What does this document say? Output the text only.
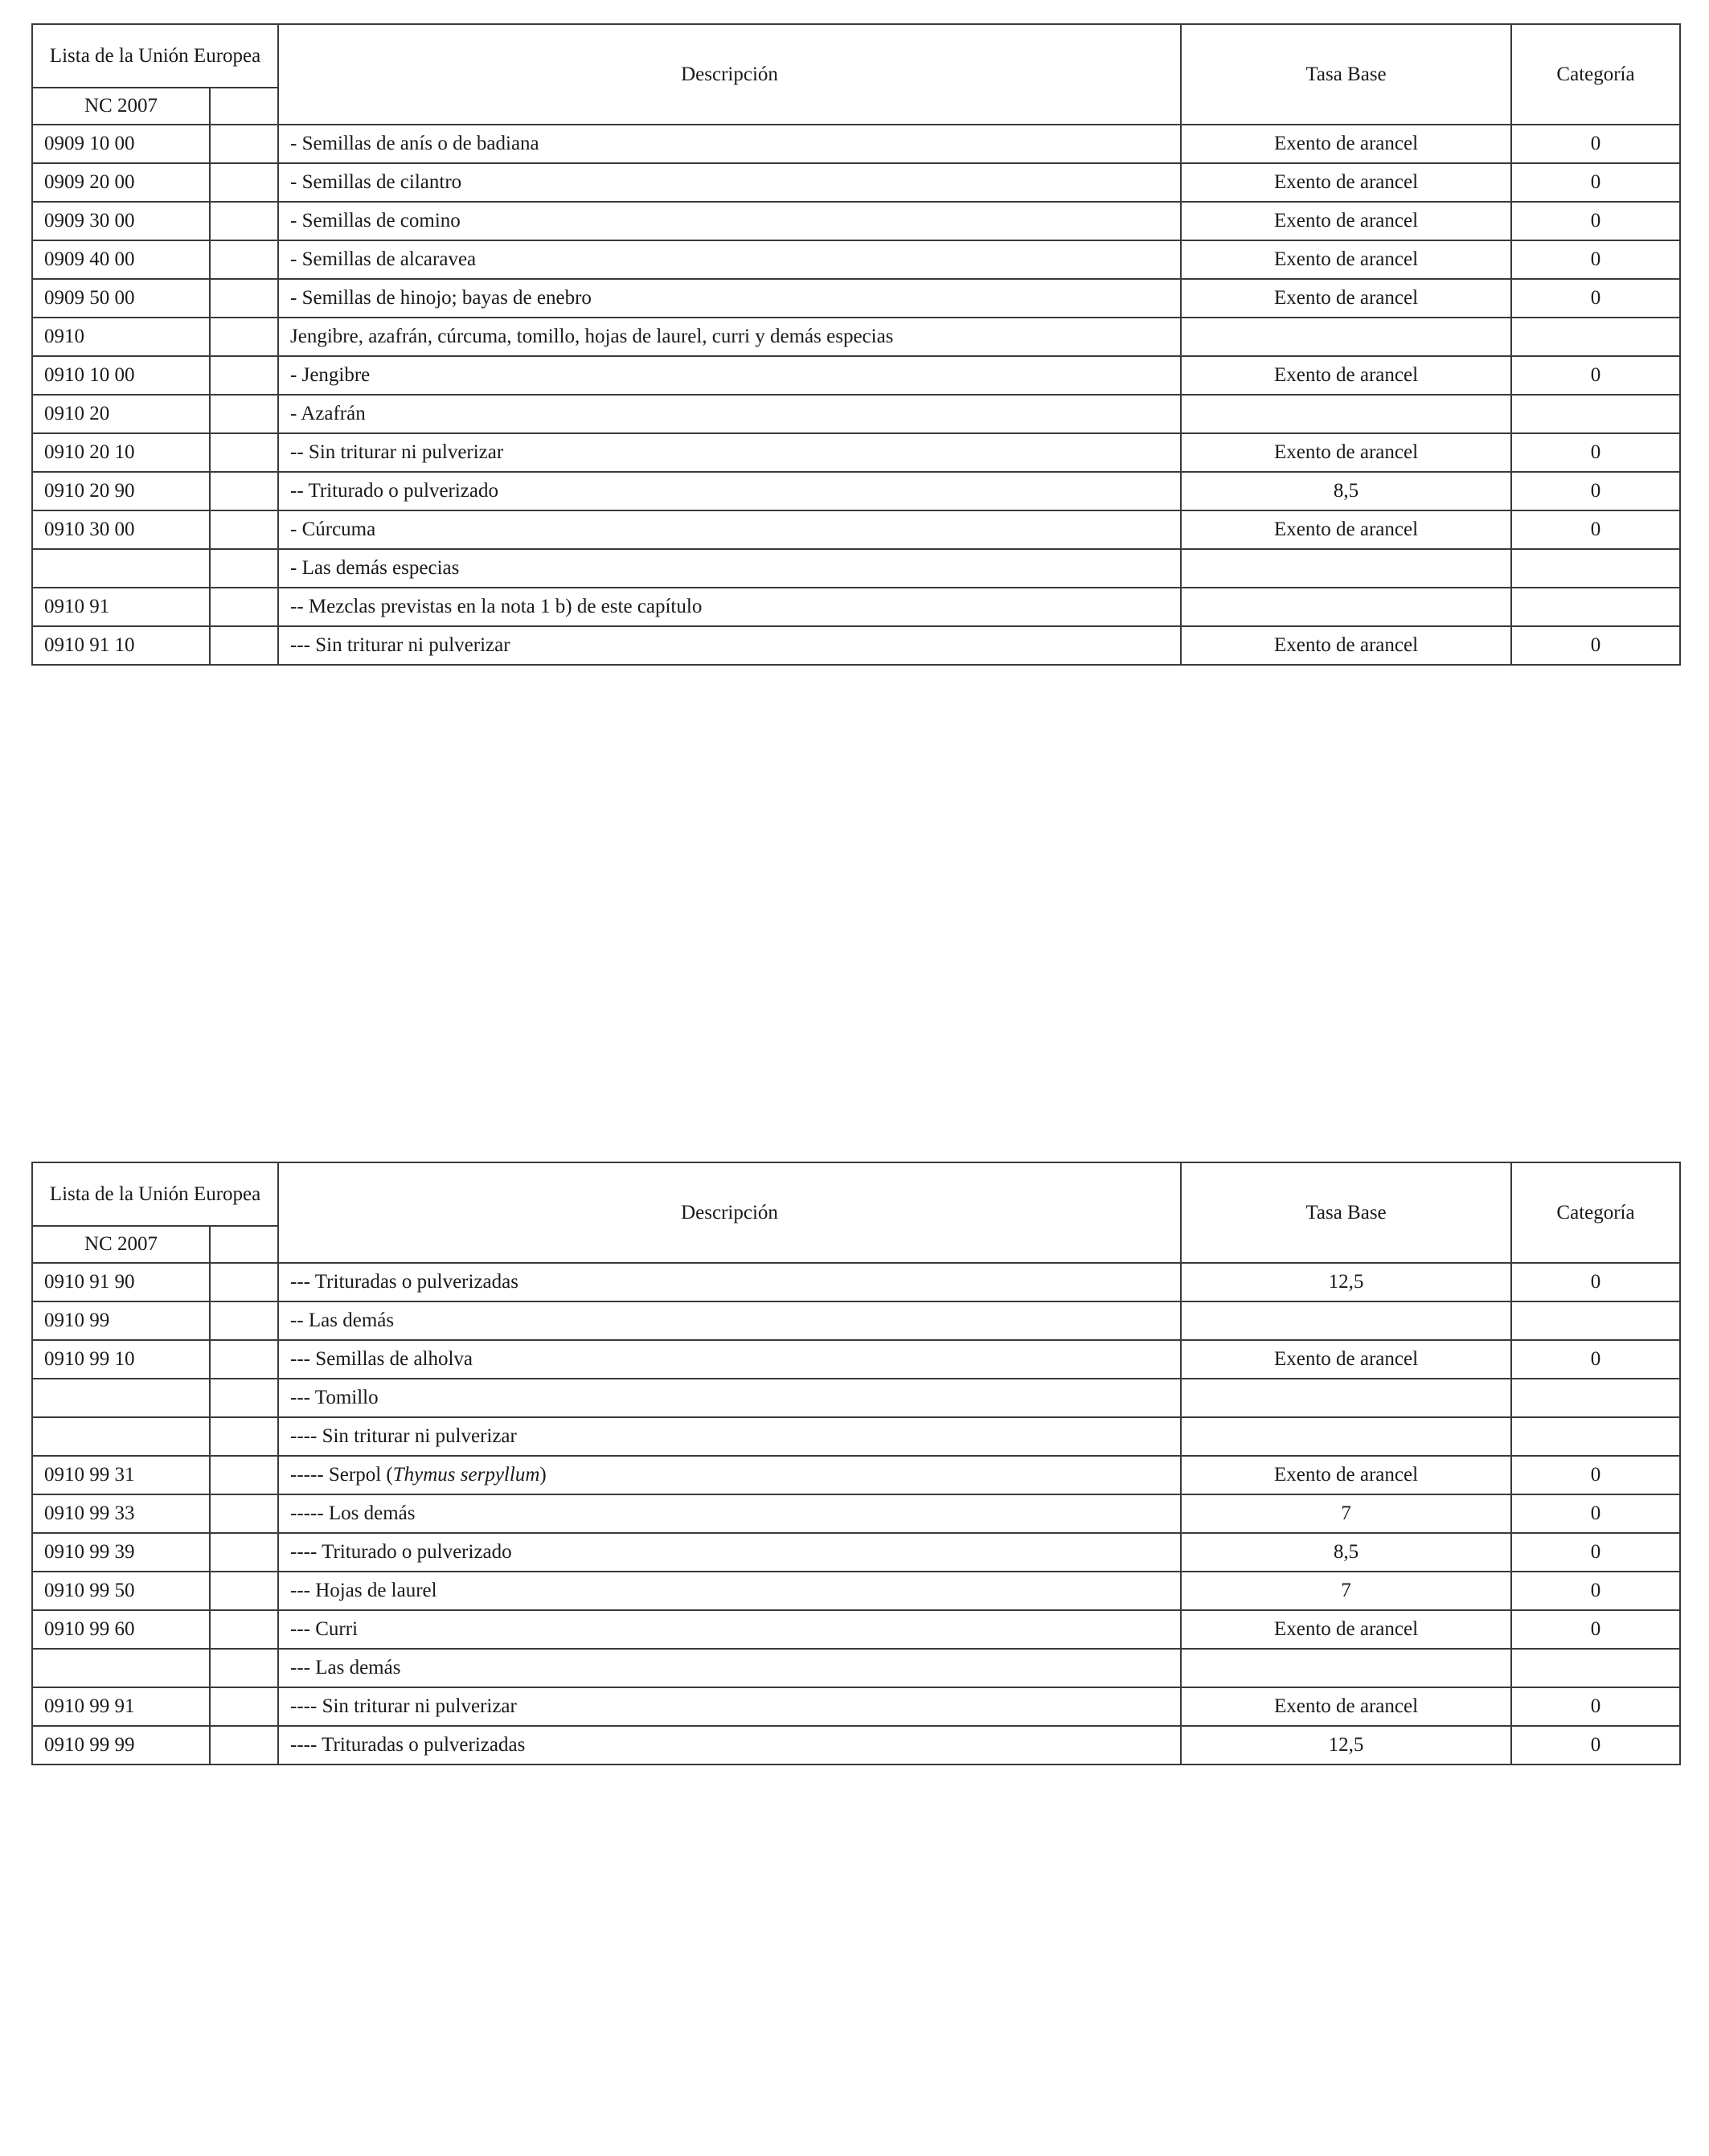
Lista de la Unión Europea		Descripción	Tasa Base	Categoría
NC 2007				
0909 10 00		- Semillas de anís o de badiana	Exento de arancel	0
0909 20 00		- Semillas de cilantro	Exento de arancel	0
0909 30 00		- Semillas de comino	Exento de arancel	0
0909 40 00		- Semillas de alcaravea	Exento de arancel	0
0909 50 00		- Semillas de hinojo; bayas de enebro	Exento de arancel	0
0910		Jengibre, azafrán, cúrcuma, tomillo, hojas de laurel, curri y demás especias		
0910 10 00		- Jengibre	Exento de arancel	0
0910 20		- Azafrán		
0910 20 10		-- Sin triturar ni pulverizar	Exento de arancel	0
0910 20 90		-- Triturado o pulverizado	8,5	0
0910 30 00		- Cúrcuma	Exento de arancel	0
		- Las demás especias		
0910 91		-- Mezclas previstas en la nota 1 b) de este capítulo		
0910 91 10		--- Sin triturar ni pulverizar	Exento de arancel	0
Lista de la Unión Europea		Descripción	Tasa Base	Categoría
NC 2007				
0910 91 90		--- Trituradas o pulverizadas	12,5	0
0910 99		-- Las demás		
0910 99 10		--- Semillas de alholva	Exento de arancel	0
		--- Tomillo		
		---- Sin triturar ni pulverizar		
0910 99 31		----- Serpol (Thymus serpyllum)	Exento de arancel	0
0910 99 33		----- Los demás	7	0
0910 99 39		---- Triturado o pulverizado	8,5	0
0910 99 50		--- Hojas de laurel	7	0
0910 99 60		--- Curri	Exento de arancel	0
		--- Las demás		
0910 99 91		---- Sin triturar ni pulverizar	Exento de arancel	0
0910 99 99		---- Trituradas o pulverizadas	12,5	0
